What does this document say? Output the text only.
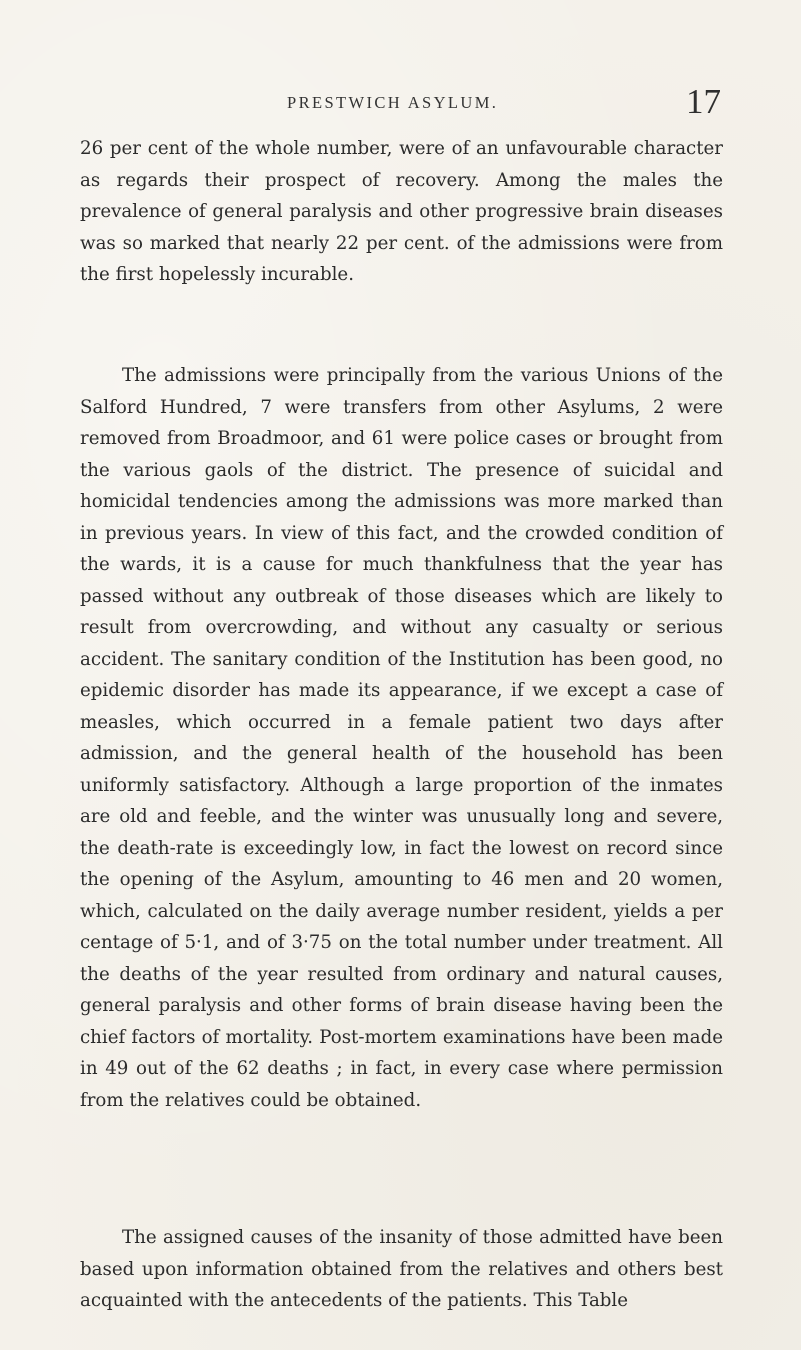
PRESTWICH ASYLUM.	17

26 per cent of the whole number, were of an unfavourable character as regards their prospect of recovery. Among the males the prevalence of general paralysis and other progressive brain diseases was so marked that nearly 22 per cent. of the admissions were from the first hopelessly incurable.

The admissions were principally from the various Unions of the Salford Hundred, 7 were transfers from other Asylums, 2 were removed from Broadmoor, and 61 were police cases or brought from the various gaols of the district. The presence of suicidal and homicidal tendencies among the admissions was more marked than in previous years. In view of this fact, and the crowded condition of the wards, it is a cause for much thankfulness that the year has passed without any outbreak of those diseases which are likely to result from overcrowding, and without any casualty or serious accident. The sanitary condition of the Institution has been good, no epidemic disorder has made its appearance, if we except a case of measles, which occurred in a female patient two days after admission, and the general health of the household has been uniformly satisfactory. Although a large proportion of the inmates are old and feeble, and the winter was unusually long and severe, the death-rate is exceedingly low, in fact the lowest on record since the opening of the Asylum, amounting to 46 men and 20 women, which, calculated on the daily average number resident, yields a per centage of 5·1, and of 3·75 on the total number under treatment. All the deaths of the year resulted from ordinary and natural causes, general paralysis and other forms of brain disease having been the chief factors of mortality. Post-mortem examinations have been made in 49 out of the 62 deaths ; in fact, in every case where permission from the relatives could be obtained.

The assigned causes of the insanity of those admitted have been based upon information obtained from the relatives and others best acquainted with the antecedents of the patients. This Table
